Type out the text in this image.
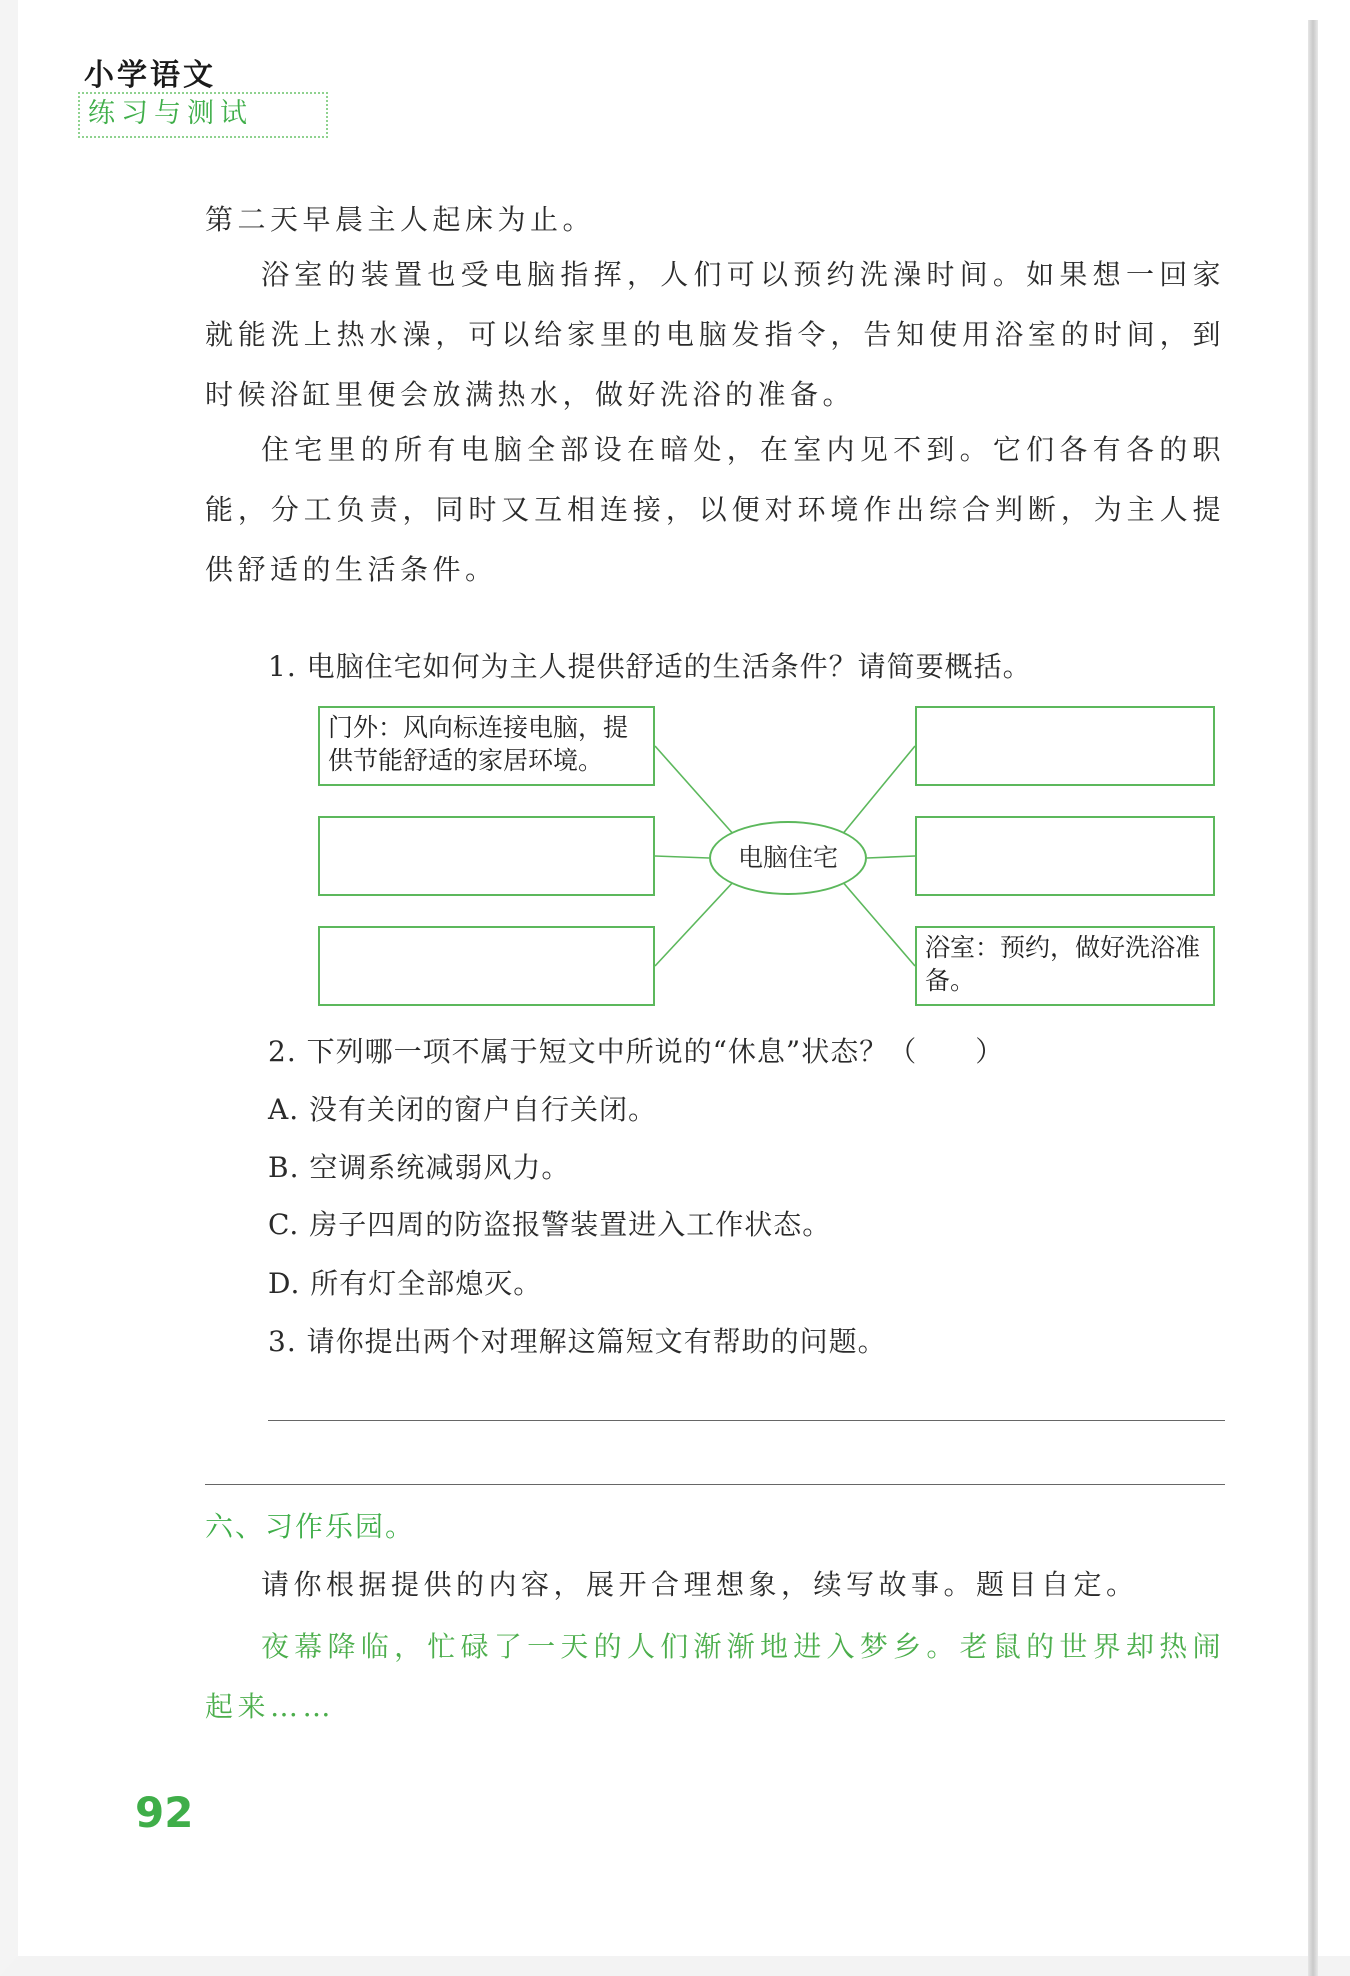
小学语文
练习与测试

第二天早晨主人起床为止。

浴室的装置也受电脑指挥，人们可以预约洗澡时间。如果想一回家就能洗上热水澡，可以给家里的电脑发指令，告知使用浴室的时间，到时候浴缸里便会放满热水，做好洗浴的准备。

住宅里的所有电脑全部设在暗处，在室内见不到。它们各有各的职能，分工负责，同时又互相连接，以便对环境作出综合判断，为主人提供舒适的生活条件。

1. 电脑住宅如何为主人提供舒适的生活条件？请简要概括。
门外：风向标连接电脑，提供节能舒适的家居环境。
浴室：预约，做好洗浴准备。
电脑住宅
2. 下列哪一项不属于短文中所说的“休息”状态？（　　）
A. 没有关闭的窗户自行关闭。
B. 空调系统减弱风力。
C. 房子四周的防盗报警装置进入工作状态。
D. 所有灯全部熄灭。
3. 请你提出两个对理解这篇短文有帮助的问题。
六、习作乐园。

请你根据提供的内容，展开合理想象，续写故事。题目自定。

夜幕降临，忙碌了一天的人们渐渐地进入梦乡。老鼠的世界却热闹起来……

92
